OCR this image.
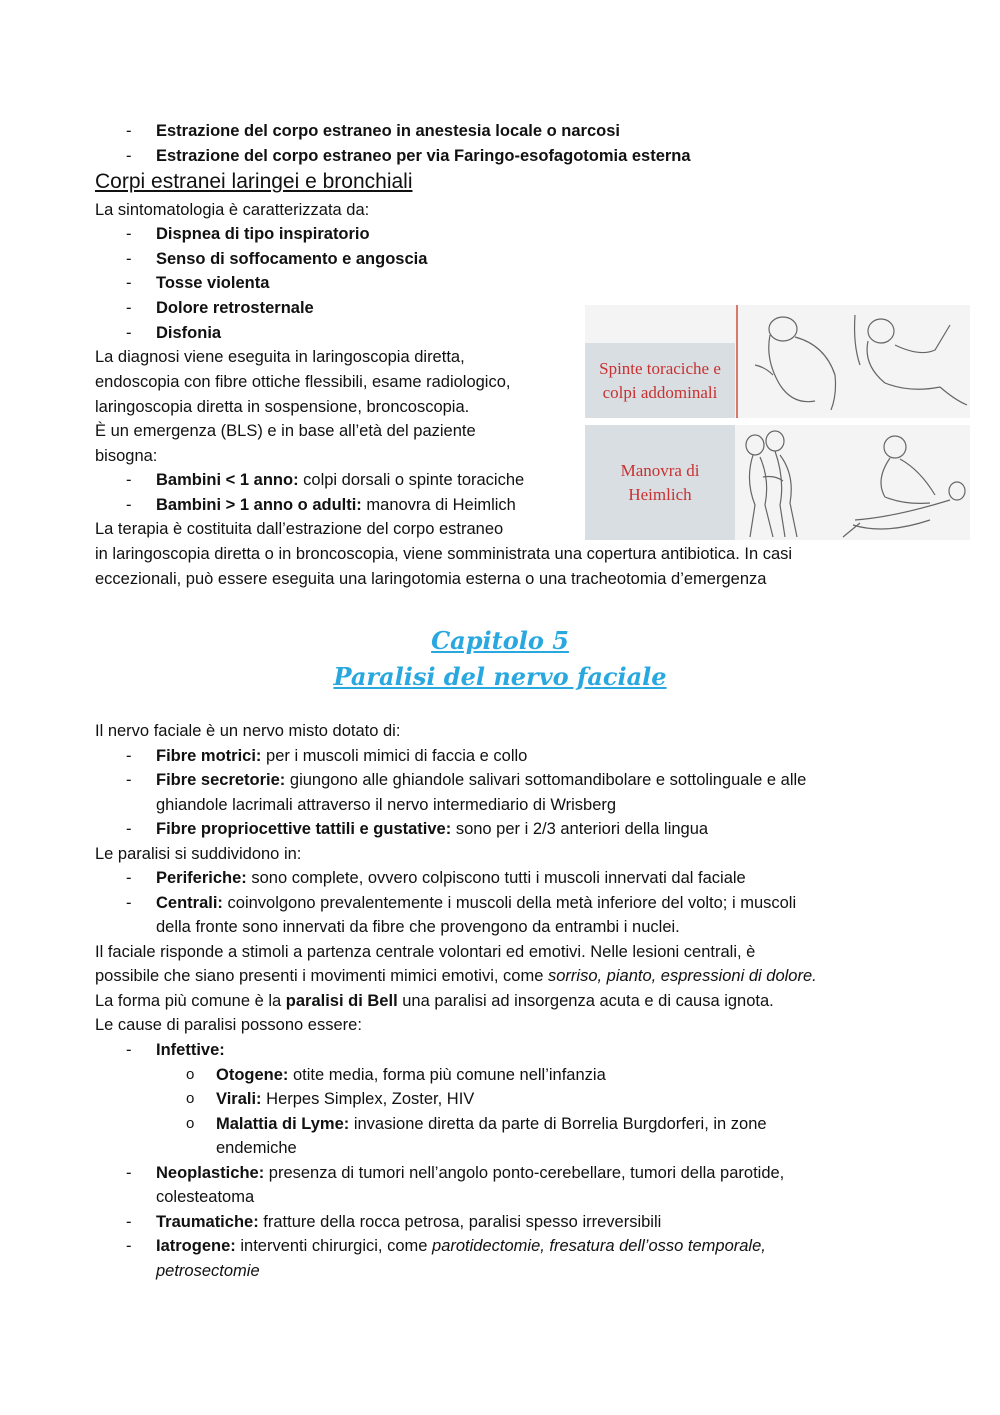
- Estrazione del corpo estraneo in anestesia locale o narcosi
- Estrazione del corpo estraneo per via Faringo-esofagotomia esterna
Corpi estranei laringei e bronchiali
La sintomatologia è caratterizzata da:
- Dispnea di tipo inspiratorio
- Senso di soffocamento e angoscia
- Tosse violenta
- Dolore retrosternale
- Disfonia
La diagnosi viene eseguita in laringoscopia diretta,
endoscopia con fibre ottiche flessibili, esame radiologico,
laringoscopia diretta in sospensione, broncoscopia.
È un emergenza (BLS) e in base all’età del paziente
bisogna:
- Bambini < 1 anno: colpi dorsali o spinte toraciche
- Bambini > 1 anno o adulti: manovra di Heimlich
La terapia è costituita dall’estrazione del corpo estraneo
in laringoscopia diretta o in broncoscopia, viene somministrata una copertura antibiotica. In casi
eccezionali, può essere eseguita una laringotomia esterna o una tracheotomia d’emergenza
Spinte toraciche e
colpi addominali
Manovra di
Heimlich
Capitolo 5
Paralisi del nervo faciale
Il nervo faciale è un nervo misto dotato di:
- Fibre motrici: per i muscoli mimici di faccia e collo
- Fibre secretorie: giungono alle ghiandole salivari sottomandibolare e sottolinguale e alle
ghiandole lacrimali attraverso il nervo intermediario di Wrisberg
- Fibre propriocettive tattili e gustative: sono per i 2/3 anteriori della lingua
Le paralisi si suddividono in:
- Periferiche: sono complete, ovvero colpiscono tutti i muscoli innervati dal faciale
- Centrali: coinvolgono prevalentemente i muscoli della metà inferiore del volto; i muscoli
della fronte sono innervati da fibre che provengono da entrambi i nuclei.
Il faciale risponde a stimoli a partenza centrale volontari ed emotivi. Nelle lesioni centrali, è
possibile che siano presenti i movimenti mimici emotivi, come sorriso, pianto, espressioni di dolore.
La forma più comune è la paralisi di Bell una paralisi ad insorgenza acuta e di causa ignota.
Le cause di paralisi possono essere:
- Infettive:
o Otogene: otite media, forma più comune nell’infanzia
o Virali: Herpes Simplex, Zoster, HIV
o Malattia di Lyme: invasione diretta da parte di Borrelia Burgdorferi, in zone
endemiche
- Neoplastiche: presenza di tumori nell’angolo ponto-cerebellare, tumori della parotide,
colesteatoma
- Traumatiche: fratture della rocca petrosa, paralisi spesso irreversibili
- Iatrogene: interventi chirurgici, come parotidectomie, fresatura dell’osso temporale,
petrosectomie
